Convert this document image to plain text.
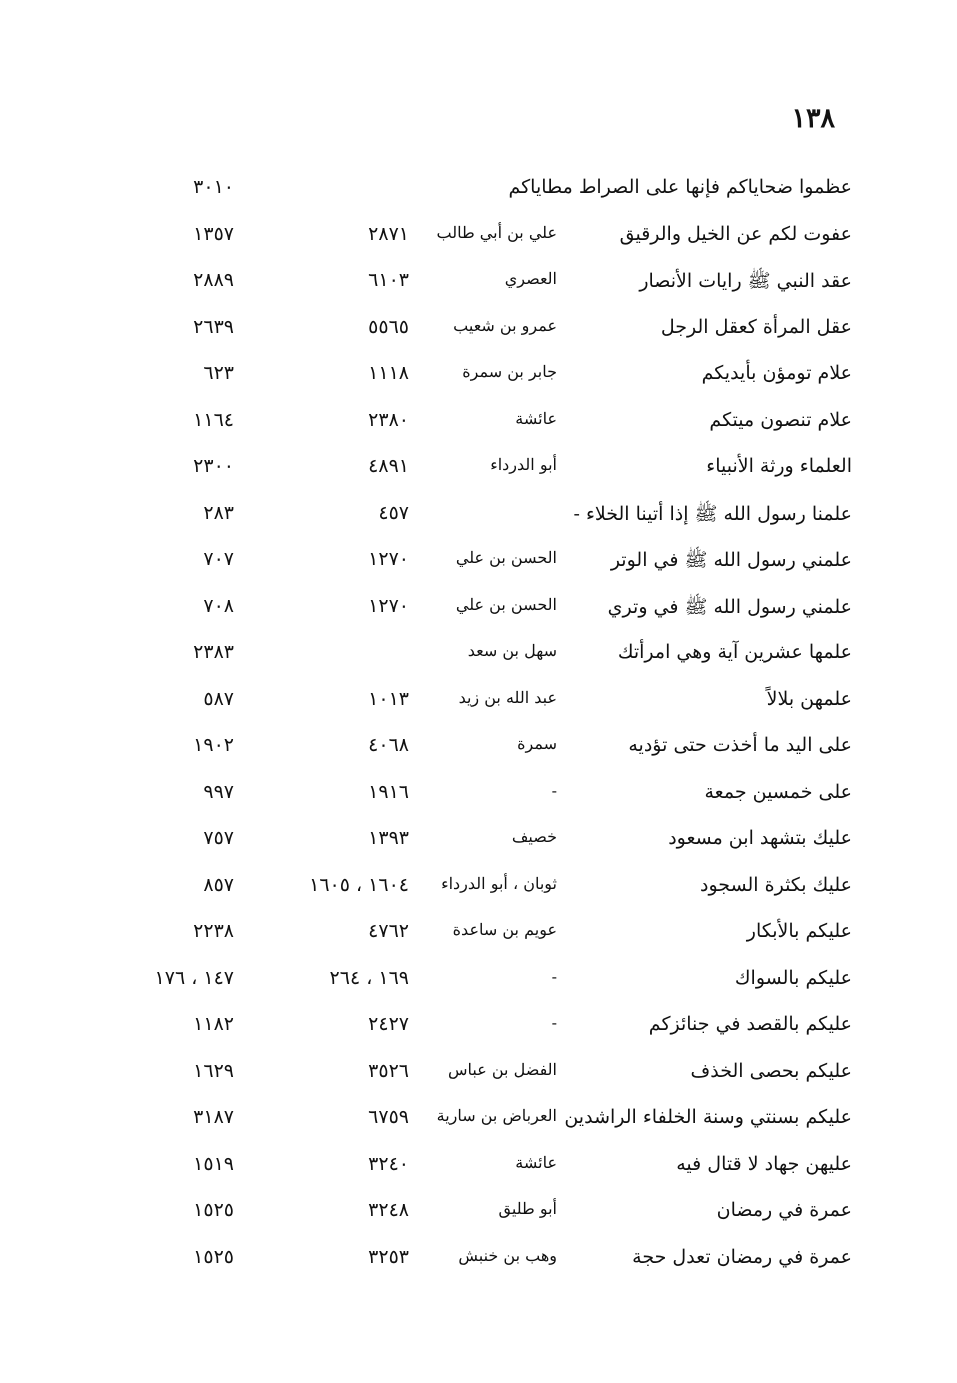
١٣٨
عظموا ضحاياكم فإنها على الصراط مطاياكم
٣٠١٠
عفوت لكم عن الخيل والرقيق
علي بن أبي طالب
٢٨٧١
١٣٥٧
عقد النبي ﷺ رايات الأنصار
العصري
٦١٠٣
٢٨٨٩
عقل المرأة كعقل الرجل
عمرو بن شعيب
٥٥٦٥
٢٦٣٩
علام تومؤن بأيديكم
جابر بن سمرة
١١١٨
٦٢٣
علام تنصون ميتكم
عائشة
٢٣٨٠
١١٦٤
العلماء ورثة الأنبياء
أبو الدرداء
٤٨٩١
٢٣٠٠
علمنا رسول الله ﷺ إذا أتينا الخلاء -
٤٥٧
٢٨٣
علمني رسول الله ﷺ في الوتر
الحسن بن علي
١٢٧٠
٧٠٧
علمني رسول الله ﷺ في وتري
الحسن بن علي
١٢٧٠
٧٠٨
علمها عشرين آية وهي امرأتك
سهل بن سعد
٢٣٨٣
علمهن بلالاً
عبد الله بن زيد
١٠١٣
٥٨٧
على اليد ما أخذت حتى تؤديه
سمرة
٤٠٦٨
١٩٠٢
على خمسين جمعة
-
١٩١٦
٩٩٧
عليك بتشهد ابن مسعود
خصيف
١٣٩٣
٧٥٧
عليك بكثرة السجود
ثوبان ، أبو الدرداء
١٦٠٤ ، ١٦٠٥
٨٥٧
عليكم بالأبكار
عويم بن ساعدة
٤٧٦٢
٢٢٣٨
عليكم بالسواك
-
١٦٩ ، ٢٦٤
١٤٧ ، ١٧٦
عليكم بالقصد في جنائزكم
-
٢٤٢٧
١١٨٢
عليكم بحصى الخذف
الفضل بن عباس
٣٥٢٦
١٦٢٩
عليكم بسنتي وسنة الخلفاء الراشدين
العرباض بن سارية
٦٧٥٩
٣١٨٧
عليهن جهاد لا قتال فيه
عائشة
٣٢٤٠
١٥١٩
عمرة في رمضان
أبو طليق
٣٢٤٨
١٥٢٥
عمرة في رمضان تعدل حجة
وهب بن خنبش
٣٢٥٣
١٥٢٥
